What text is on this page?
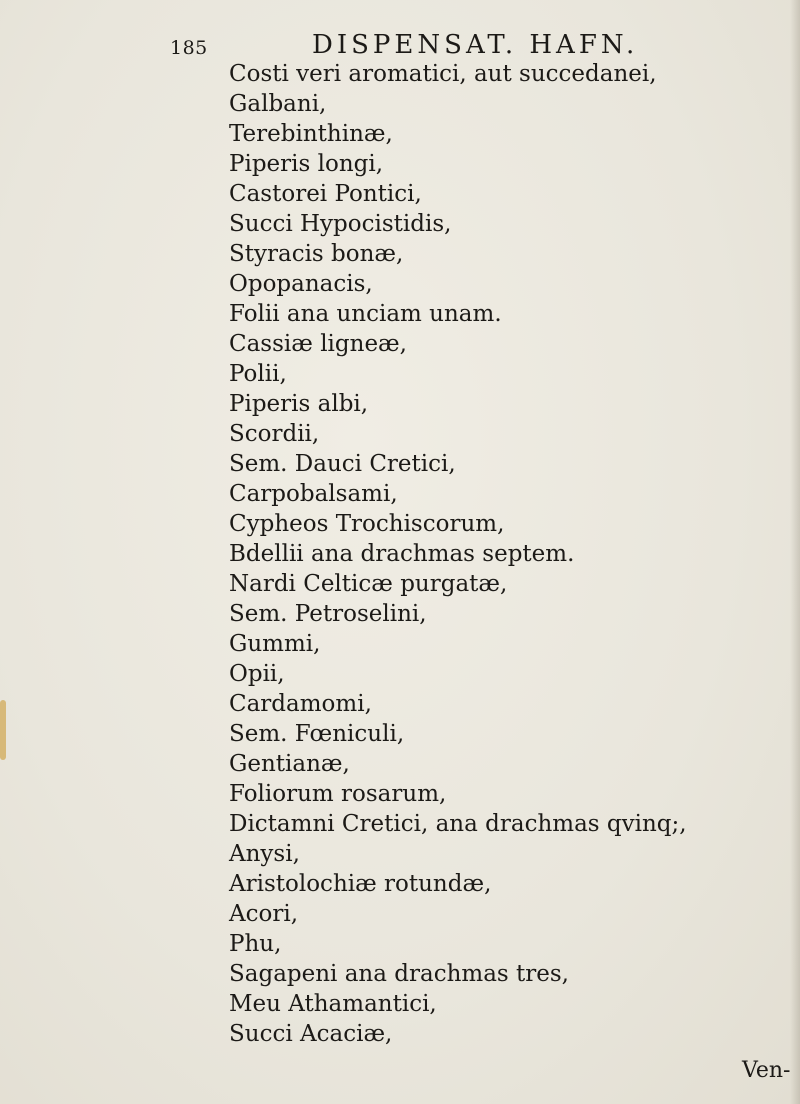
185	DISPENSAT. HAFN.
Costi veri aromatici, aut succedanei,
Galbani,
Terebinthinæ,
Piperis longi,
Castorei Pontici,
Succi Hypocistidis,
Styracis bonæ,
Opopanacis,
Folii ana unciam unam.
Cassiæ ligneæ,
Polii,
Piperis albi,
Scordii,
Sem. Dauci Cretici,
Carpobalsami,
Cypheos Trochiscorum,
Bdellii ana drachmas septem.
Nardi Celticæ purgatæ,
Sem. Petroselini,
Gummi,
Opii,
Cardamomi,
Sem. Fœniculi,
Gentianæ,
Foliorum rosarum,
Dictamni Cretici, ana drachmas qvinq;,
Anysi,
Aristolochiæ rotundæ,
Acori,
Phu,
Sagapeni ana drachmas tres,
Meu Athamantici,
Succi Acaciæ,
Ven-
